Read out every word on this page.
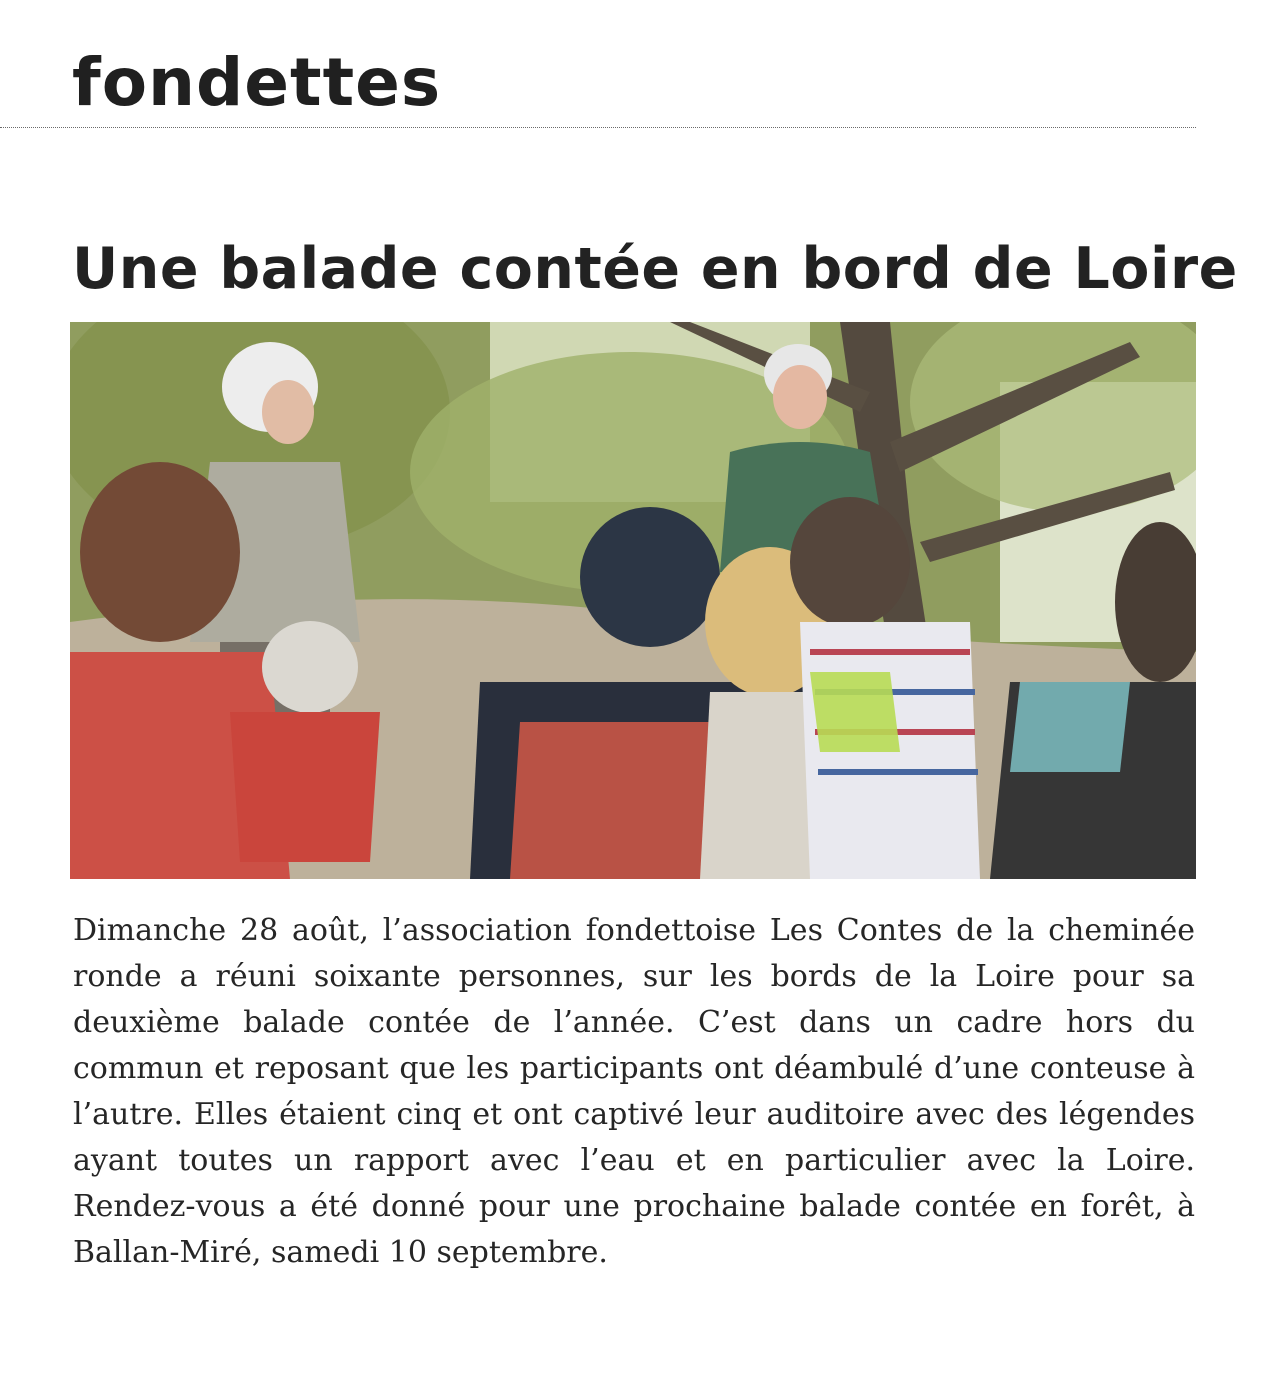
fondettes
Une balade contée en bord de Loire

Dimanche 28 août, l’association fondettoise Les Contes de la cheminée ronde a réuni soixante personnes, sur les bords de la Loire pour sa deuxième balade contée de l’année. C’est dans un cadre hors du commun et reposant que les participants ont déambulé d’une conteuse à l’autre. Elles étaient cinq et ont captivé leur auditoire avec des légendes ayant toutes un rapport avec l’eau et en particulier avec la Loire. Rendez-vous a été donné pour une prochaine balade contée en forêt, à Ballan-Miré, samedi 10 septembre.
